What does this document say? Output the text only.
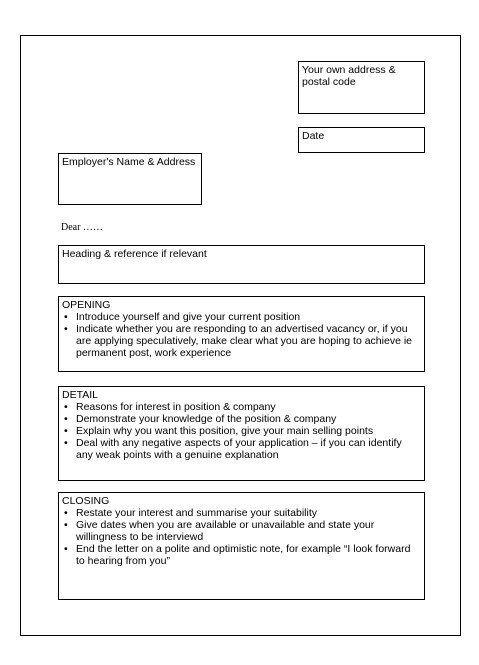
Your own address & postal code
Date
Employer's Name & Address
Dear ……
Heading & reference if relevant
OPENING
• Introduce yourself and give your current position
• Indicate whether you are responding to an advertised vacancy or, if you are applying speculatively, make clear what you are hoping to achieve ie permanent post, work experience
DETAIL
• Reasons for interest in position & company
• Demonstrate your knowledge of the position & company
• Explain why you want this position, give your main selling points
• Deal with any negative aspects of your application – if you can identify any weak points with a genuine explanation
CLOSING
• Restate your interest and summarise your suitability
• Give dates when you are available or unavailable and state your willingness to be interviewd
• End the letter on a polite and optimistic note, for example “I look forward to hearing from you”
